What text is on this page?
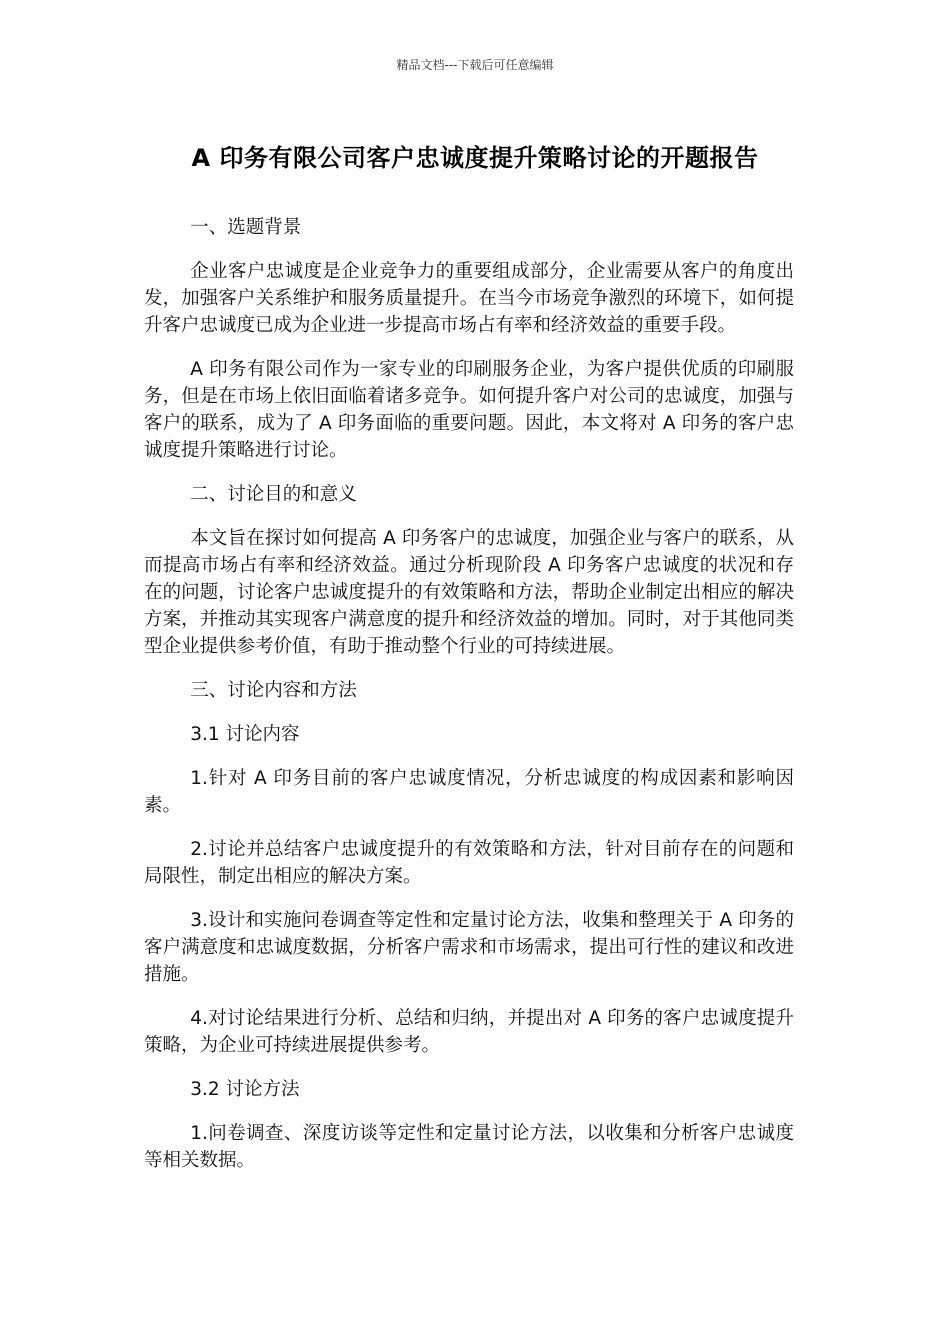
精品文档---下载后可任意编辑
A 印务有限公司客户忠诚度提升策略讨论的开题报告
一、选题背景
企业客户忠诚度是企业竞争力的重要组成部分，企业需要从客户的角度出发，加强客户关系维护和服务质量提升。在当今市场竞争激烈的环境下，如何提升客户忠诚度已成为企业进一步提高市场占有率和经济效益的重要手段。
A 印务有限公司作为一家专业的印刷服务企业，为客户提供优质的印刷服务，但是在市场上依旧面临着诸多竞争。如何提升客户对公司的忠诚度，加强与客户的联系，成为了 A 印务面临的重要问题。因此，本文将对 A 印务的客户忠诚度提升策略进行讨论。
二、讨论目的和意义
本文旨在探讨如何提高 A 印务客户的忠诚度，加强企业与客户的联系，从而提高市场占有率和经济效益。通过分析现阶段 A 印务客户忠诚度的状况和存在的问题，讨论客户忠诚度提升的有效策略和方法，帮助企业制定出相应的解决方案，并推动其实现客户满意度的提升和经济效益的增加。同时，对于其他同类型企业提供参考价值，有助于推动整个行业的可持续进展。
三、讨论内容和方法
3.1 讨论内容
1.针对 A 印务目前的客户忠诚度情况，分析忠诚度的构成因素和影响因素。
2.讨论并总结客户忠诚度提升的有效策略和方法，针对目前存在的问题和局限性，制定出相应的解决方案。
3.设计和实施问卷调查等定性和定量讨论方法，收集和整理关于 A 印务的客户满意度和忠诚度数据，分析客户需求和市场需求，提出可行性的建议和改进措施。
4.对讨论结果进行分析、总结和归纳，并提出对 A 印务的客户忠诚度提升策略，为企业可持续进展提供参考。
3.2 讨论方法
1.问卷调查、深度访谈等定性和定量讨论方法，以收集和分析客户忠诚度等相关数据。
